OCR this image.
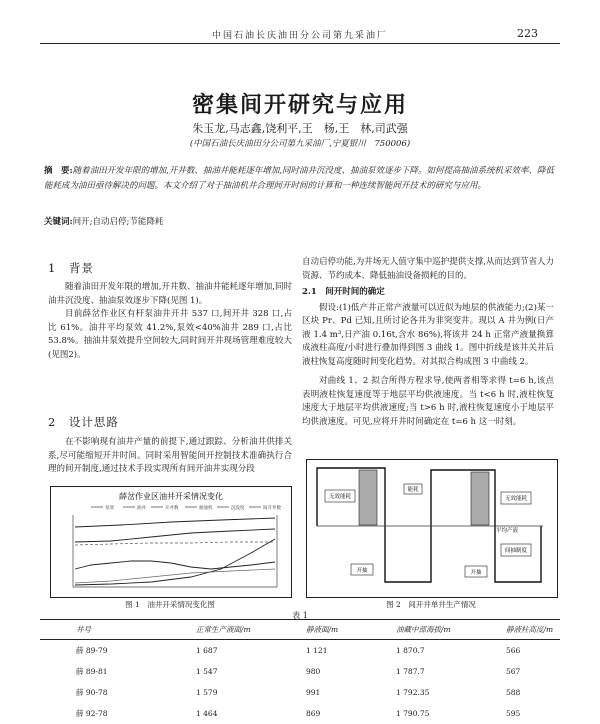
中国石油长庆油田分公司第九采油厂	223
密集间开研究与应用
朱玉龙,马志鑫,饶利平,王　杨,王　林,司武强
(中国石油长庆油田分公司第九采油厂,宁夏银川　750006)
摘　要:随着油田开发年限的增加,开井数、抽油井能耗逐年增加,同时油井沉没度、抽油泵效逐步下降。如何提高抽油系统机采效率、降低能耗成为油田亟待解决的问题。本文介绍了对于抽油机井合理间开时间的计算和一种连续智能间开技术的研究与应用。
关键词:间开;自动启停;节能降耗
1　背景

随着油田开发年限的增加,开井数、抽油井能耗逐年增加,同时油井沉没度、抽油泵效逐步下降(见图 1)。

目前薛岔作业区有杆泵油井开井 537 口,间开井 328 口,占比 61%。油井平均泵效 41.2%,泵效<40%油井 289 口,占比 53.8%。抽油井泵效提升空间较大,同时间开井现场管理难度较大(见图2)。

2　设计思路

在不影响现有油井产量的前提下,通过跟踪、分析油井供排关系,尽可能缩短开井时间。同时采用智能间开控制技术准确执行合理的间开制度,通过技术手段实现所有间开油井实现分段

自动启停功能,为井场无人值守集中巡护提供支撑,从而达到节省人力资源、节约成本、降低抽油设备损耗的目的。

2.1　间开时间的确定

假设:(1)低产井正常产液量可以近似为地层的供液能力;(2)某一区块 Pr、Pd 已知,且所讨论各井为非突变井。现以 A 井为例(日产液 1.4 m³,日产油 0.16t,含水 86%),将该井 24 h 正常产液量换算成液柱高度/小时进行叠加得到图 3 曲线 1。图中折线是该井关井后液柱恢复高度随时间变化趋势。对其拟合构成图 3 中曲线 2。

对曲线 1、2 拟合所得方程求导,使两者相等求得 t=6 h,该点表明液柱恢复速度等于地层平均供液速度。当 t<6 h 时,液柱恢复速度大于地层平均供液速度;当 t>6 h 时,液柱恢复速度小于地层平均供液速度。可见,应将开井时间确定在 t=6 h 这一时刻。

薛岔作业区油井开采情况变化
泵效	油井	开井数	抽油机	沉没度	间开井数
图 1　油井开采情况变化图
无效能耗
能耗
无效能耗
平均产液
间抽制度
开抽	开抽
图 2　间开井单井生产情况
表 1
井号	正常生产液面/m	静液面/m	油藏中部海拔/m	静液柱高度/m
薛 89-79	1 687	1 121	1 870.7	566
薛 89-81	1 547	980	1 787.7	567
薛 90-78	1 579	991	1 792.35	588
薛 92-78	1 464	869	1 790.75	595
